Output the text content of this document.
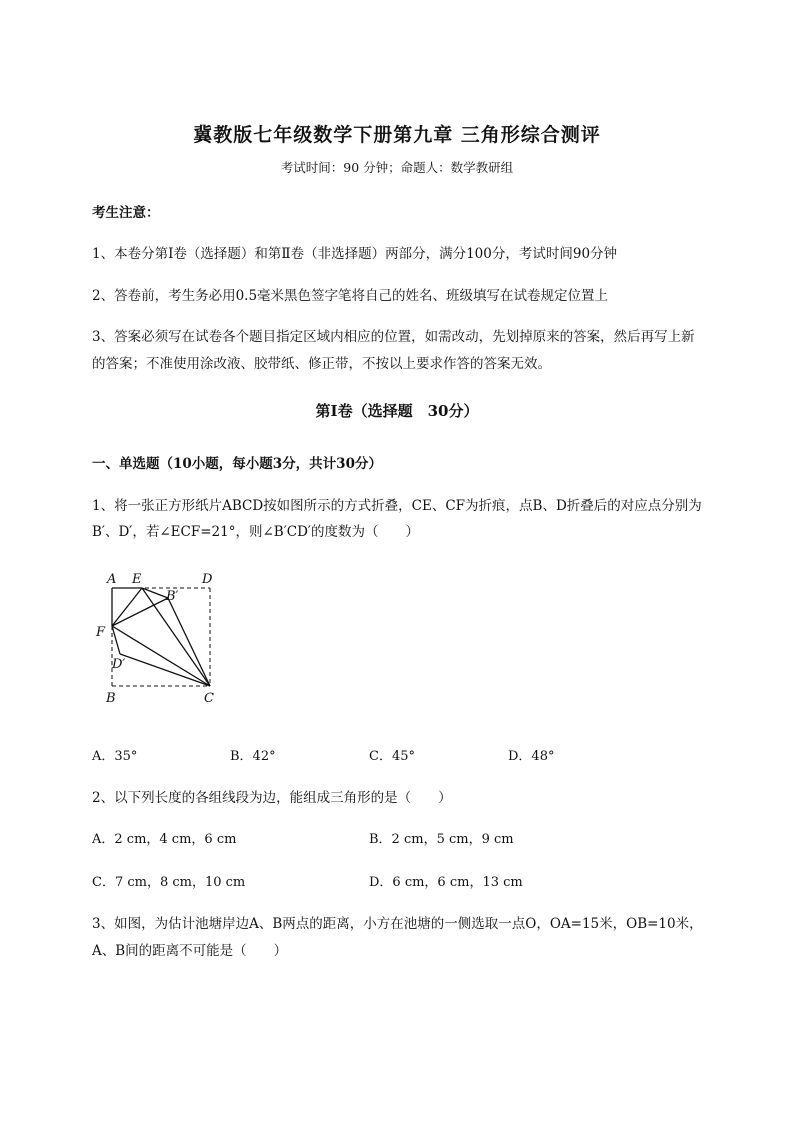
冀教版七年级数学下册第九章 三角形综合测评
考试时间：90 分钟；命题人：数学教研组
考生注意：
1、本卷分第I卷（选择题）和第Ⅱ卷（非选择题）两部分，满分100分，考试时间90分钟
2、答卷前，考生务必用0.5毫米黑色签字笔将自己的姓名、班级填写在试卷规定位置上
3、答案必须写在试卷各个题目指定区域内相应的位置，如需改动，先划掉原来的答案，然后再写上新
的答案；不准使用涂改液、胶带纸、修正带，不按以上要求作答的答案无效。
第I卷（选择题　30分）
一、单选题（10小题，每小题3分，共计30分）
1、将一张正方形纸片ABCD按如图所示的方式折叠，CE、CF为折痕，点B、D折叠后的对应点分别为
B′、D′，若∠ECF=21°，则∠B′CD′的度数为（　　）
A E	D
B′
F
D′
B	C
A．35°	B．42°	C．45°	D．48°
2、以下列长度的各组线段为边，能组成三角形的是（　　）
A．2 cm，4 cm，6 cm	B．2 cm，5 cm，9 cm
C．7 cm，8 cm，10 cm	D．6 cm，6 cm，13 cm
3、如图，为估计池塘岸边A、B两点的距离，小方在池塘的一侧选取一点O，OA=15米，OB=10米，
A、B间的距离不可能是（　　）
